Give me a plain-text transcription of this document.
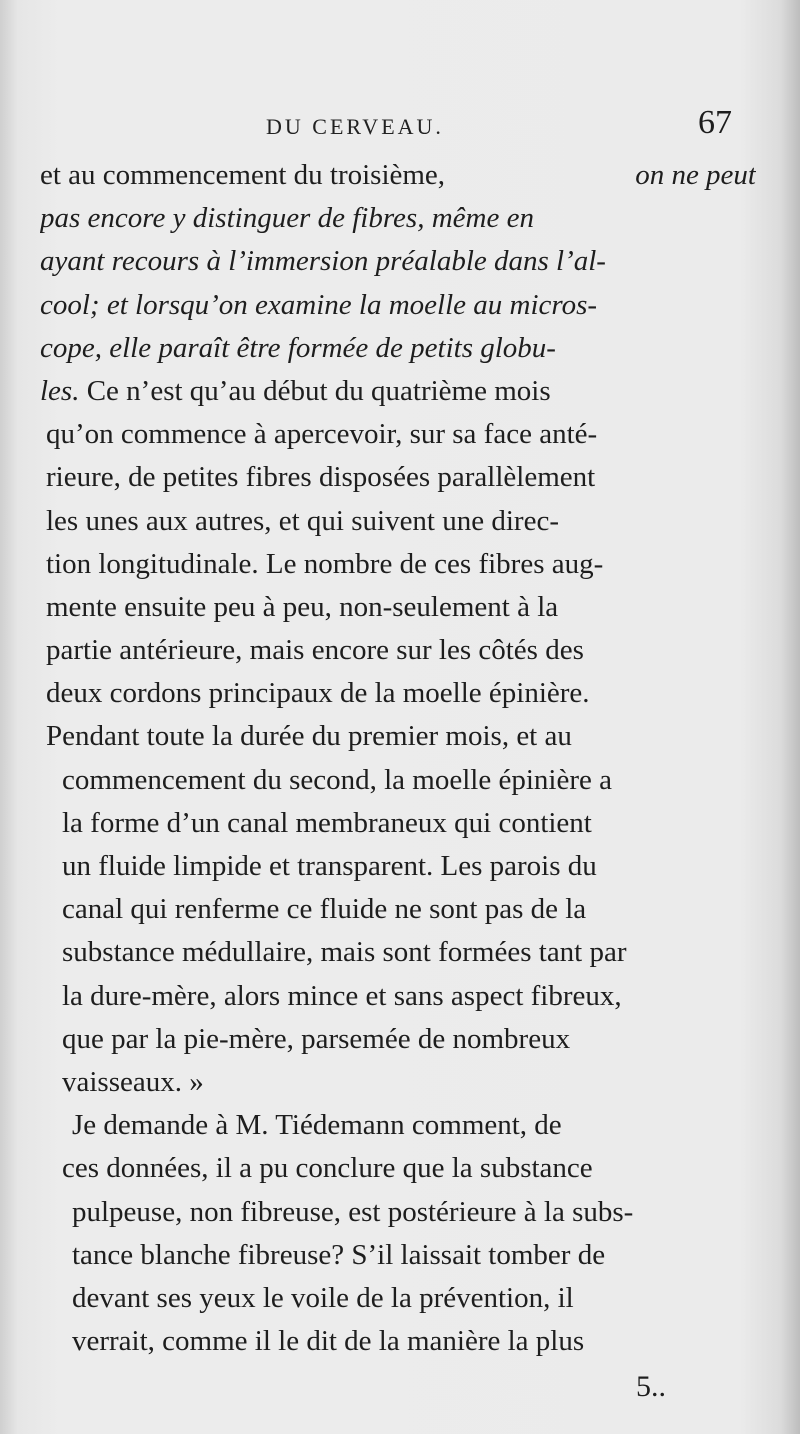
DU CERVEAU.	67
et au commencement du troisième,	on ne peut
pas encore y distinguer de fibres, même en
ayant recours à l’immersion préalable dans l’al-
cool; et lorsqu’on examine la moelle au micros-
cope, elle paraît être formée de petits globu-
les. Ce n’est qu’au début du quatrième mois
qu’on commence à apercevoir, sur sa face anté-
rieure, de petites fibres disposées parallèlement
les unes aux autres, et qui suivent une direc-
tion longitudinale. Le nombre de ces fibres aug-
mente ensuite peu à peu, non-seulement à la
partie antérieure, mais encore sur les côtés des
deux cordons principaux de la moelle épinière.
Pendant toute la durée du premier mois, et au
commencement du second, la moelle épinière a
la forme d’un canal membraneux qui contient
un fluide limpide et transparent. Les parois du
canal qui renferme ce fluide ne sont pas de la
substance médullaire, mais sont formées tant par
la dure-mère, alors mince et sans aspect fibreux,
que par la pie-mère, parsemée de nombreux
vaisseaux. »
Je demande à M. Tiédemann comment, de
ces données, il a pu conclure que la substance
pulpeuse, non fibreuse, est postérieure à la subs-
tance blanche fibreuse? S’il laissait tomber de
devant ses yeux le voile de la prévention, il
verrait, comme il le dit de la manière la plus
5..
